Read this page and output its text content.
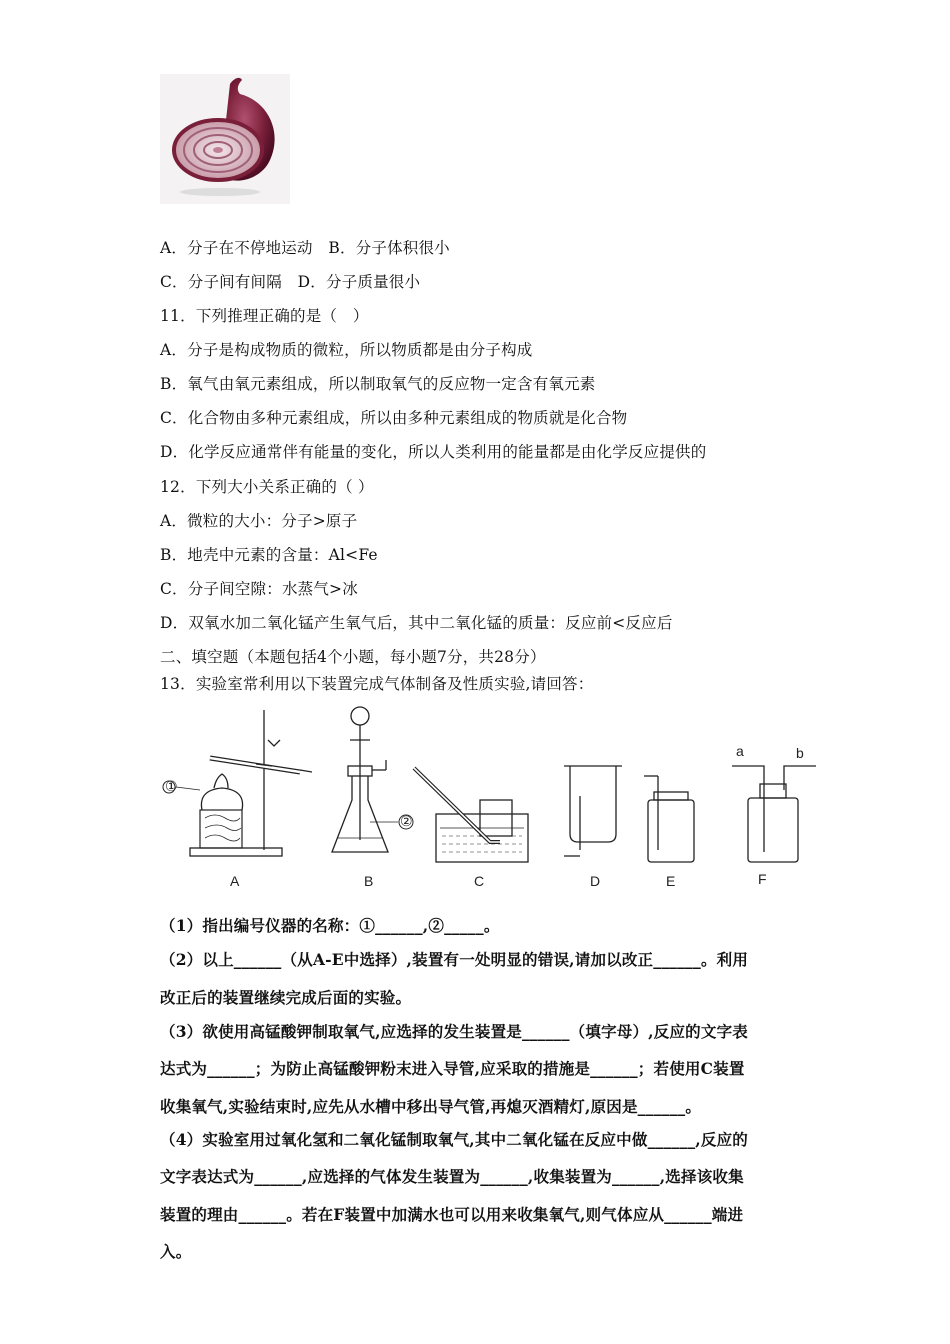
A．分子在不停地运动　B．分子体积很小
C．分子间有间隔　D．分子质量很小
11．下列推理正确的是（　）
A．分子是构成物质的微粒，所以物质都是由分子构成
B．氧气由氧元素组成，所以制取氧气的反应物一定含有氧元素
C．化合物由多种元素组成，所以由多种元素组成的物质就是化合物
D．化学反应通常伴有能量的变化，所以人类利用的能量都是由化学反应提供的
12．下列大小关系正确的（ ）
A．微粒的大小：分子>原子
B．地壳中元素的含量：Al<Fe
C．分子间空隙：水蒸气>冰
D．双氧水加二氧化锰产生氧气后，其中二氧化锰的质量：反应前<反应后
二、填空题（本题包括4个小题，每小题7分，共28分）
13．实验室常利用以下装置完成气体制备及性质实验,请回答：
①
A
②
B	C	D	E
a	b
F
（1）指出编号仪器的名称：①______,②_____。
（2）以上______（从A-E中选择）,装置有一处明显的错误,请加以改正______。利用
改正后的装置继续完成后面的实验。
（3）欲使用高锰酸钾制取氧气,应选择的发生装置是______（填字母）,反应的文字表
达式为______；为防止高锰酸钾粉末进入导管,应采取的措施是______；若使用C装置
收集氧气,实验结束时,应先从水槽中移出导气管,再熄灭酒精灯,原因是______。
（4）实验室用过氧化氢和二氧化锰制取氧气,其中二氧化锰在反应中做______,反应的
文字表达式为______,应选择的气体发生装置为______,收集装置为______,选择该收集
装置的理由______。若在F装置中加满水也可以用来收集氧气,则气体应从______端进
入。
